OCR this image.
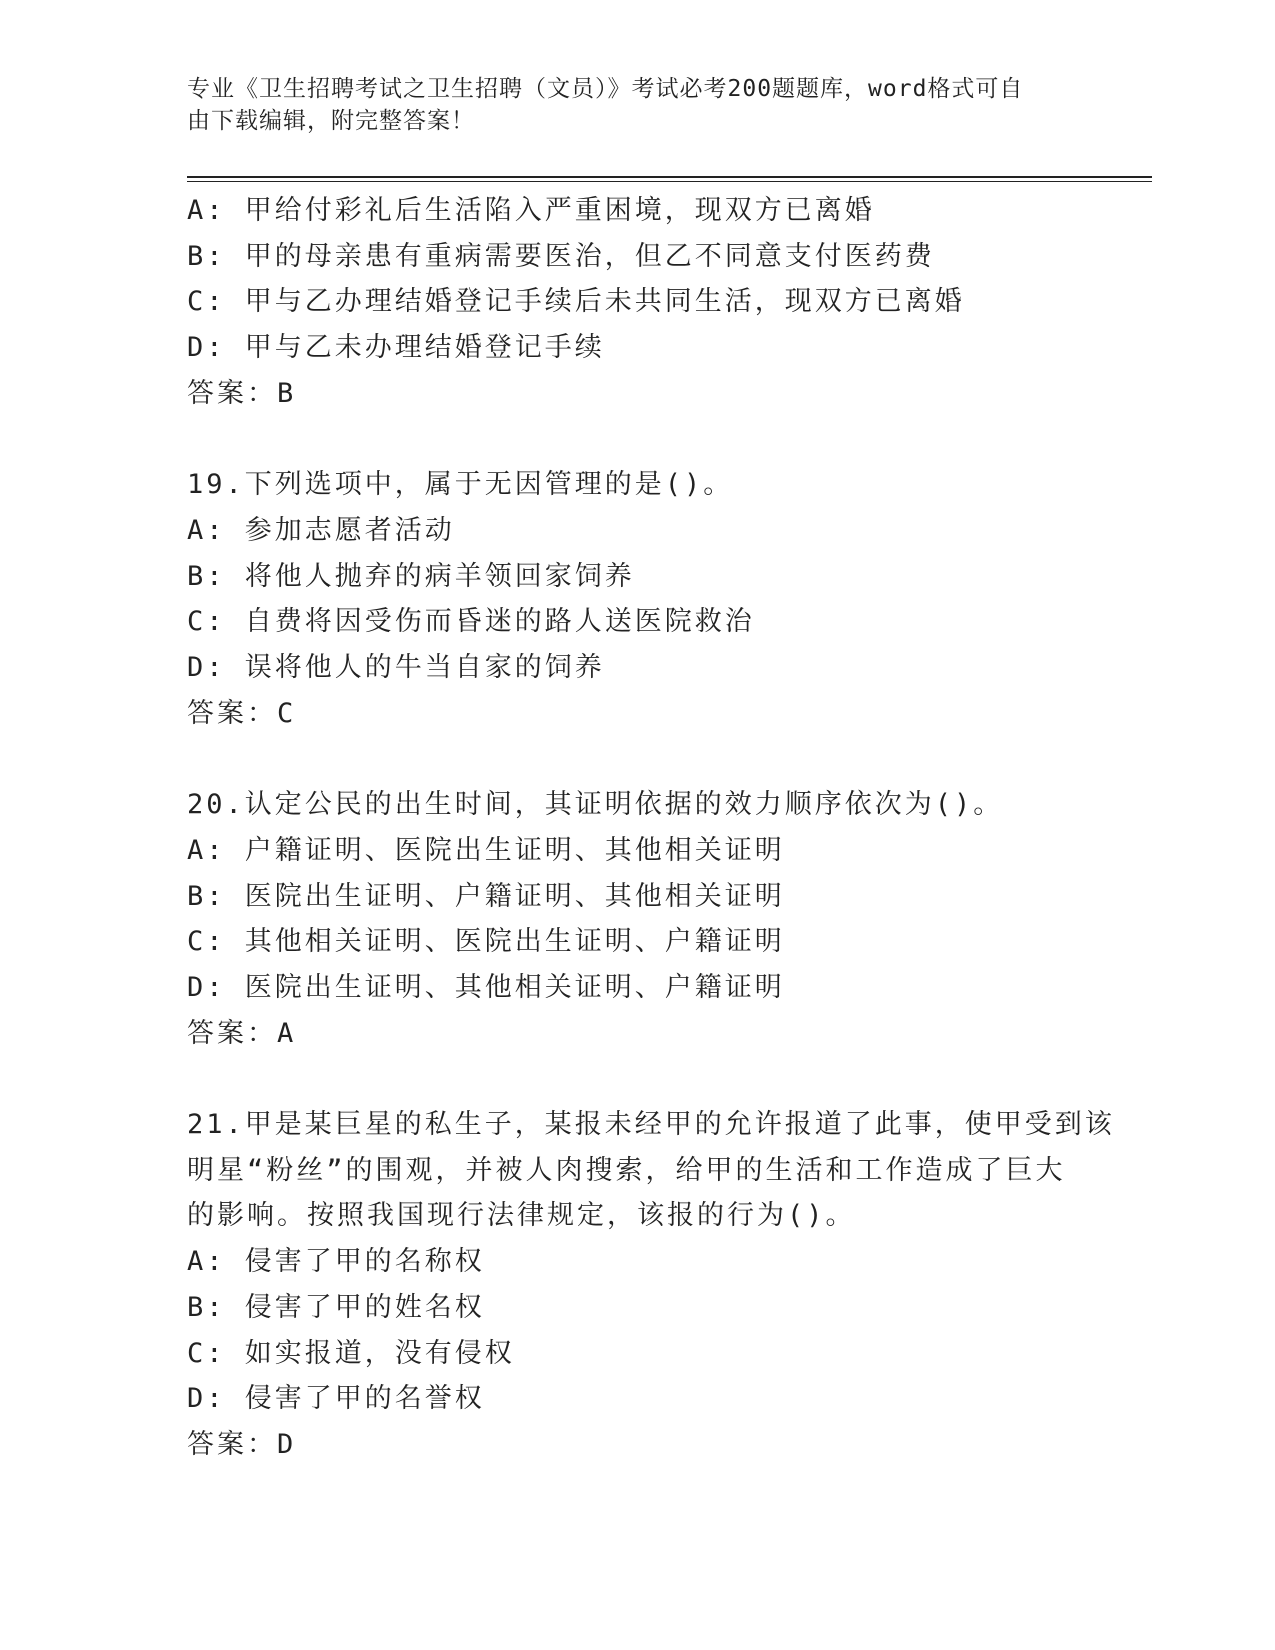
专业《卫生招聘考试之卫生招聘（文员）》考试必考200题题库，word格式可自
由下载编辑，附完整答案！

A: 甲给付彩礼后生活陷入严重困境，现双方已离婚

B: 甲的母亲患有重病需要医治，但乙不同意支付医药费

C: 甲与乙办理结婚登记手续后未共同生活，现双方已离婚

D: 甲与乙未办理结婚登记手续

答案：B

19.下列选项中，属于无因管理的是()。

A: 参加志愿者活动

B: 将他人抛弃的病羊领回家饲养

C: 自费将因受伤而昏迷的路人送医院救治

D: 误将他人的牛当自家的饲养

答案：C

20.认定公民的出生时间，其证明依据的效力顺序依次为()。

A: 户籍证明、医院出生证明、其他相关证明

B: 医院出生证明、户籍证明、其他相关证明

C: 其他相关证明、医院出生证明、户籍证明

D: 医院出生证明、其他相关证明、户籍证明

答案：A

21.甲是某巨星的私生子，某报未经甲的允许报道了此事，使甲受到该

明星“粉丝”的围观，并被人肉搜索，给甲的生活和工作造成了巨大

的影响。按照我国现行法律规定，该报的行为()。

A: 侵害了甲的名称权

B: 侵害了甲的姓名权

C: 如实报道，没有侵权

D: 侵害了甲的名誉权

答案：D
